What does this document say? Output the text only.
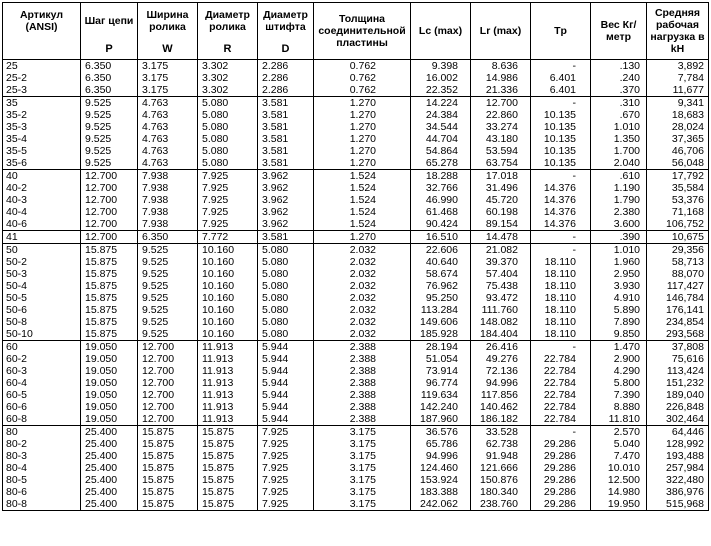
Артикул (ANSI)	Шаг цепи	Ширина ролика	Диаметр ролика	Диаметр штифта	Толщина соединительной пластины	Lc (max)	Lr (max)	Tp	Вес Кг/метр	Средняя рабочая нагрузка в kH
	P	W	R	D						
25	6.350	3.175	3.302	2.286	0.762	9.398	8.636	-	.130	3,892
25-2	6.350	3.175	3.302	2.286	0.762	16.002	14.986	6.401	.240	7,784
25-3	6.350	3.175	3.302	2.286	0.762	22.352	21.336	6.401	.370	11,677
35	9.525	4.763	5.080	3.581	1.270	14.224	12.700	-	.310	9,341
35-2	9.525	4.763	5.080	3.581	1.270	24.384	22.860	10.135	.670	18,683
35-3	9.525	4.763	5.080	3.581	1.270	34.544	33.274	10.135	1.010	28,024
35-4	9.525	4.763	5.080	3.581	1.270	44.704	43.180	10.135	1.350	37,365
35-5	9.525	4.763	5.080	3.581	1.270	54.864	53.594	10.135	1.700	46,706
35-6	9.525	4.763	5.080	3.581	1.270	65.278	63.754	10.135	2.040	56,048
40	12.700	7.938	7.925	3.962	1.524	18.288	17.018	-	.610	17,792
40-2	12.700	7.938	7.925	3.962	1.524	32.766	31.496	14.376	1.190	35,584
40-3	12.700	7.938	7.925	3.962	1.524	46.990	45.720	14.376	1.790	53,376
40-4	12.700	7.938	7.925	3.962	1.524	61.468	60.198	14.376	2.380	71,168
40-6	12.700	7.938	7.925	3.962	1.524	90.424	89.154	14.376	3.600	106,752
41	12.700	6.350	7.772	3.581	1.270	16.510	14.478	-	.390	10,675
50	15.875	9.525	10.160	5.080	2.032	22.606	21.082	-	1.010	29,356
50-2	15.875	9.525	10.160	5.080	2.032	40.640	39.370	18.110	1.960	58,713
50-3	15.875	9.525	10.160	5.080	2.032	58.674	57.404	18.110	2.950	88,070
50-4	15.875	9.525	10.160	5.080	2.032	76.962	75.438	18.110	3.930	117,427
50-5	15.875	9.525	10.160	5.080	2.032	95.250	93.472	18.110	4.910	146,784
50-6	15.875	9.525	10.160	5.080	2.032	113.284	111.760	18.110	5.890	176,141
50-8	15.875	9.525	10.160	5.080	2.032	149.606	148.082	18.110	7.890	234,854
50-10	15.875	9.525	10.160	5.080	2.032	185.928	184.404	18.110	9.850	293,568
60	19.050	12.700	11.913	5.944	2.388	28.194	26.416	-	1.470	37,808
60-2	19.050	12.700	11.913	5.944	2.388	51.054	49.276	22.784	2.900	75,616
60-3	19.050	12.700	11.913	5.944	2.388	73.914	72.136	22.784	4.290	113,424
60-4	19.050	12.700	11.913	5.944	2.388	96.774	94.996	22.784	5.800	151,232
60-5	19.050	12.700	11.913	5.944	2.388	119.634	117.856	22.784	7.390	189,040
60-6	19.050	12.700	11.913	5.944	2.388	142.240	140.462	22.784	8.880	226,848
60-8	19.050	12.700	11.913	5.944	2.388	187.960	186.182	22.784	11.810	302,464
80	25.400	15.875	15.875	7.925	3.175	36.576	33.528	-	2.570	64,446
80-2	25.400	15.875	15.875	7.925	3.175	65.786	62.738	29.286	5.040	128,992
80-3	25.400	15.875	15.875	7.925	3.175	94.996	91.948	29.286	7.470	193,488
80-4	25.400	15.875	15.875	7.925	3.175	124.460	121.666	29.286	10.010	257,984
80-5	25.400	15.875	15.875	7.925	3.175	153.924	150.876	29.286	12.500	322,480
80-6	25.400	15.875	15.875	7.925	3.175	183.388	180.340	29.286	14.980	386,976
80-8	25.400	15.875	15.875	7.925	3.175	242.062	238.760	29.286	19.950	515,968
